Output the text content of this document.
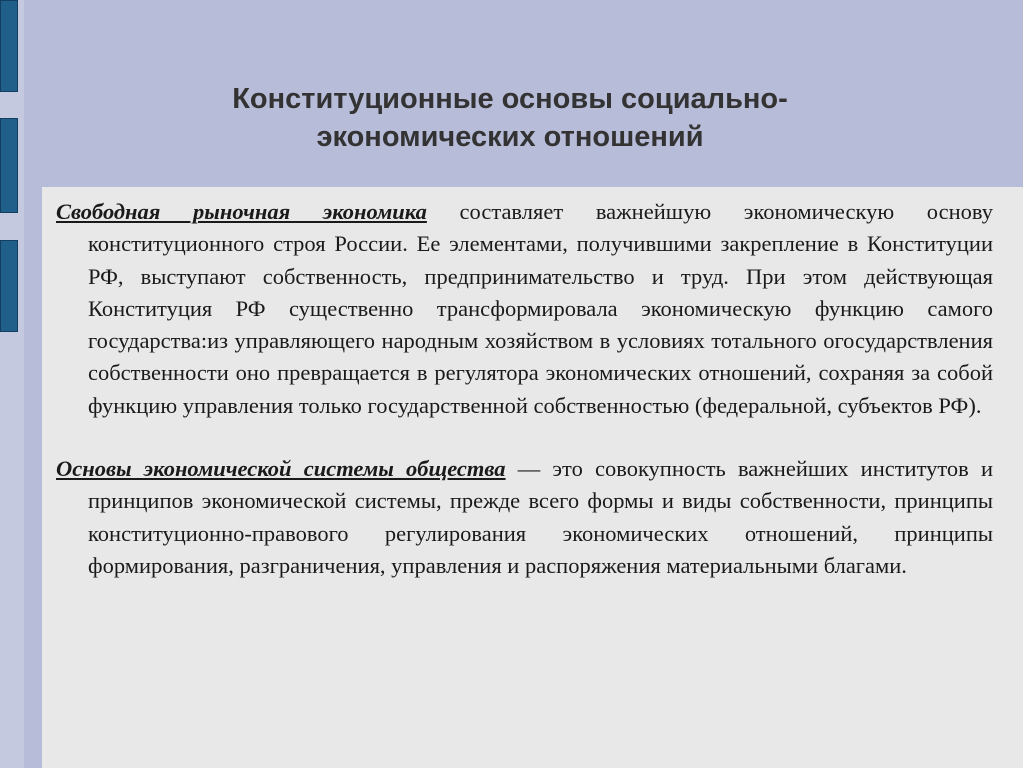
Конституционные основы социально-
экономических отношений

Свободная рыночная экономика составляет важнейшую экономическую основу конституционного строя России. Ее элементами, получившими закрепление в Конституции РФ, выступают собственность, предпринимательство и труд. При этом действующая Конституция РФ существенно трансформировала экономическую функцию самого государства:из управляющего народным хозяйством в условиях тотального огосударствления собственности оно превращается в регулятора экономических отношений, сохраняя за собой функцию управления только государственной собственностью (федеральной, субъектов РФ).

Основы экономической системы общества — это совокупность важнейших институтов и принципов экономической системы, прежде всего формы и виды собственности, принципы конституционно-правового регулирования экономических отношений, принципы формирования, разграничения, управления и распоряжения материальными благами.
